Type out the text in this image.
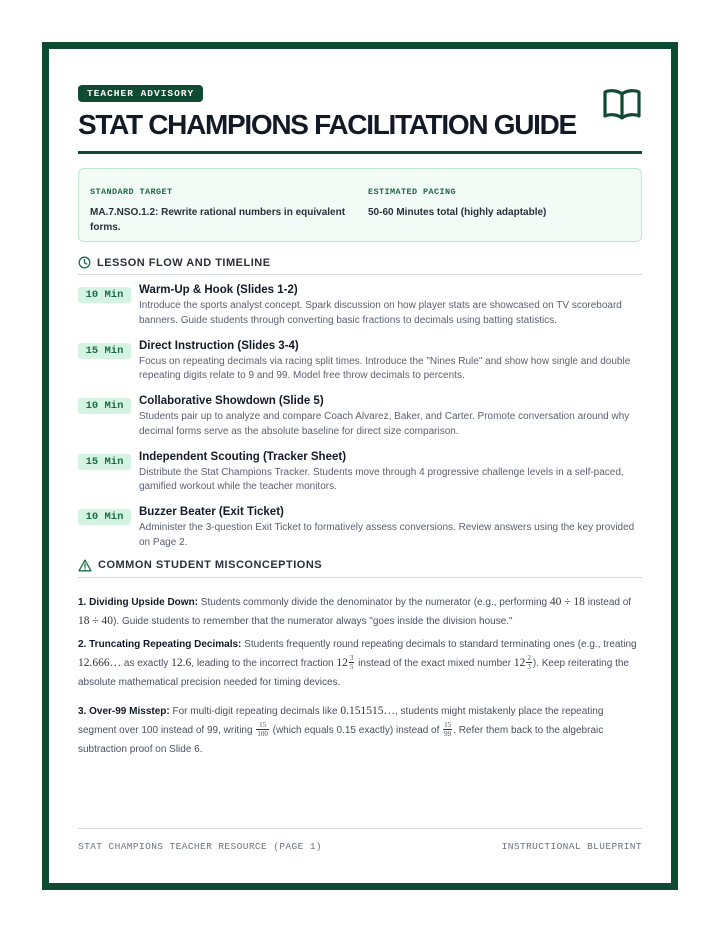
TEACHER ADVISORY
STAT CHAMPIONS FACILITATION GUIDE
STANDARD TARGET
MA.7.NSO.1.2: Rewrite rational numbers in equivalent forms.
ESTIMATED PACING
50-60 Minutes total (highly adaptable)
LESSON FLOW AND TIMELINE
10 Min	Warm-Up & Hook (Slides 1-2)
Introduce the sports analyst concept. Spark discussion on how player stats are showcased on TV scoreboard banners. Guide students through converting basic fractions to decimals using batting statistics.
15 Min	Direct Instruction (Slides 3-4)
Focus on repeating decimals via racing split times. Introduce the "Nines Rule" and show how single and double repeating digits relate to 9 and 99. Model free throw decimals to percents.
10 Min	Collaborative Showdown (Slide 5)
Students pair up to analyze and compare Coach Alvarez, Baker, and Carter. Promote conversation around why decimal forms serve as the absolute baseline for direct size comparison.
15 Min	Independent Scouting (Tracker Sheet)
Distribute the Stat Champions Tracker. Students move through 4 progressive challenge levels in a self-paced, gamified workout while the teacher monitors.
10 Min	Buzzer Beater (Exit Ticket)
Administer the 3-question Exit Ticket to formatively assess conversions. Review answers using the key provided on Page 2.
COMMON STUDENT MISCONCEPTIONS
1. Dividing Upside Down: Students commonly divide the denominator by the numerator (e.g., performing 40 ÷ 18 instead of 18 ÷ 40). Guide students to remember that the numerator always "goes inside the division house."
2. Truncating Repeating Decimals: Students frequently round repeating decimals to standard terminating ones (e.g., treating 12.666… as exactly 12.6, leading to the incorrect fraction $12 \frac{3}{5}$ instead of the exact mixed number $12 \frac{2}{3}$ ). Keep reiterating the absolute mathematical precision needed for timing devices.
3. Over-99 Misstep: For multi-digit repeating decimals like 0.151515…, students might mistakenly place the repeating segment over 100 instead of 99, writing $\frac{15}{100}$ (which equals 0.15 exactly) instead of $\frac{15}{99}$ . Refer them back to the algebraic subtraction proof on Slide 6.
STAT CHAMPIONS TEACHER RESOURCE (PAGE 1)	INSTRUCTIONAL BLUEPRINT
